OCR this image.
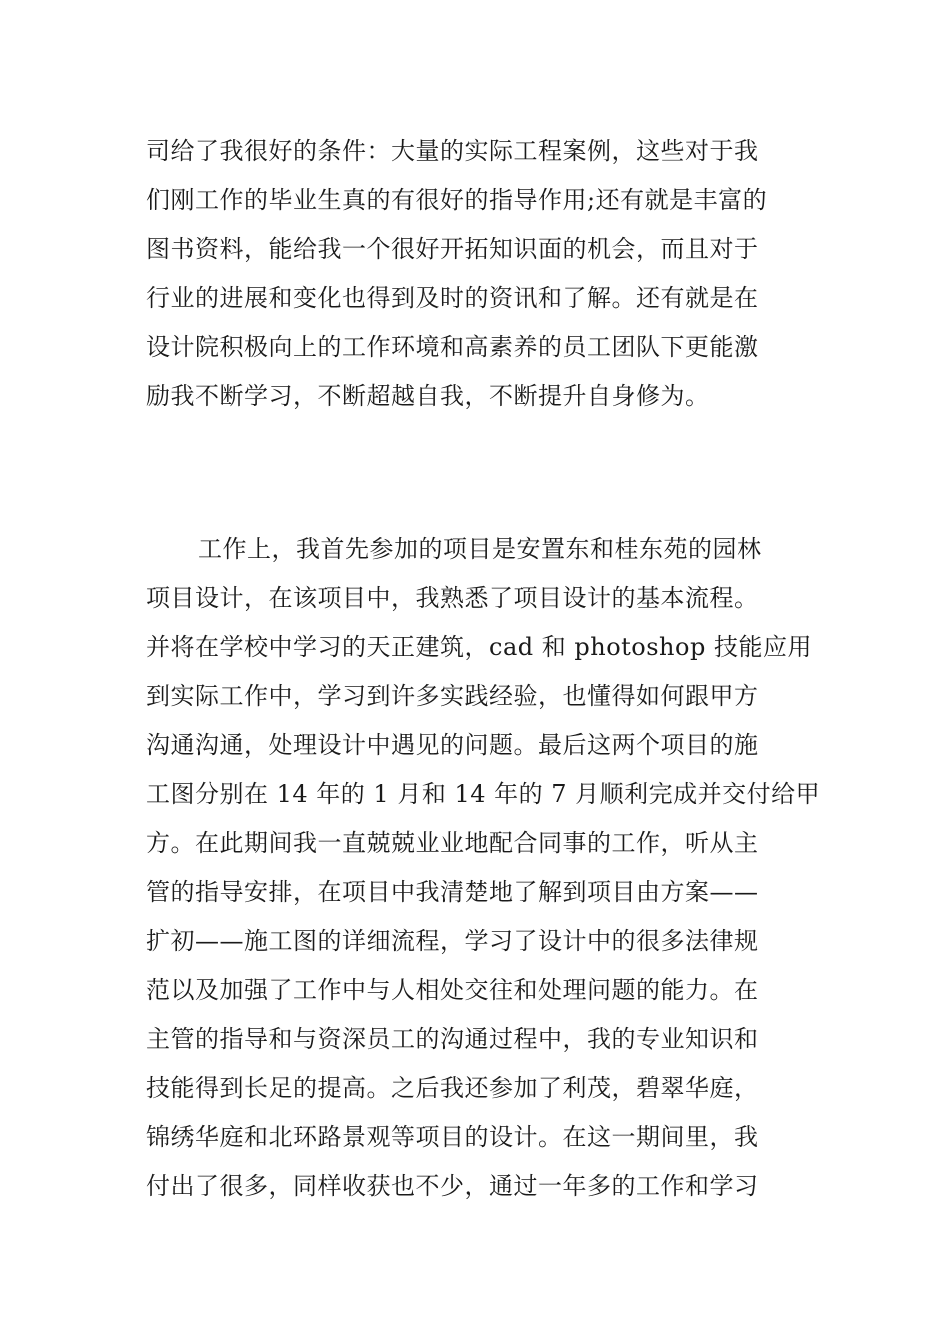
司给了我很好的条件：大量的实际工程案例，这些对于我
们刚工作的毕业生真的有很好的指导作用;还有就是丰富的
图书资料，能给我一个很好开拓知识面的机会，而且对于
行业的进展和变化也得到及时的资讯和了解。还有就是在
设计院积极向上的工作环境和高素养的员工团队下更能激
励我不断学习，不断超越自我，不断提升自身修为。
工作上，我首先参加的项目是安置东和桂东苑的园林
项目设计，在该项目中，我熟悉了项目设计的基本流程。
并将在学校中学习的天正建筑，cad 和 photoshop 技能应用
到实际工作中，学习到许多实践经验，也懂得如何跟甲方
沟通沟通，处理设计中遇见的问题。最后这两个项目的施
工图分别在 14 年的 1 月和 14 年的 7 月顺利完成并交付给甲
方。在此期间我一直兢兢业业地配合同事的工作，听从主
管的指导安排，在项目中我清楚地了解到项目由方案——
扩初——施工图的详细流程，学习了设计中的很多法律规
范以及加强了工作中与人相处交往和处理问题的能力。在
主管的指导和与资深员工的沟通过程中，我的专业知识和
技能得到长足的提高。之后我还参加了利茂，碧翠华庭，
锦绣华庭和北环路景观等项目的设计。在这一期间里，我
付出了很多，同样收获也不少，通过一年多的工作和学习
